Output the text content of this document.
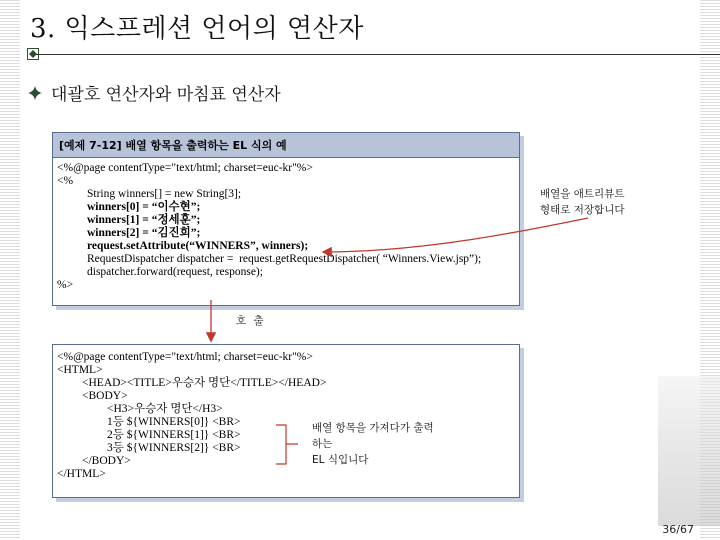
3. 익스프레션 언어의 연산자
대괄호 연산자와 마침표 연산자
[예제 7-12] 배열 항목을 출력하는 EL 식의 예
<%@page contentType="text/html; charset=euc-kr"%>
<%
String winners[] = new String[3];
winners[0] = “이수현”;
winners[1] = “정세훈”;
winners[2] = “김진희”;
request.setAttribute(“WINNERS”, winners);
RequestDispatcher dispatcher =  request.getRequestDispatcher( “Winners.View.jsp”);
dispatcher.forward(request, response);
%>
배열을 애트리뷰트
형태로 저장합니다
<%@page contentType="text/html; charset=euc-kr"%>
<HTML>
<HEAD><TITLE>우승자 명단</TITLE></HEAD>
<BODY>
<H3>우승자 명단</H3>
1등 ${WINNERS[0]} <BR>
2등 ${WINNERS[1]} <BR>
3등 ${WINNERS[2]} <BR>
</BODY>
</HTML>
배열 항목을 가져다가 출력
하는
EL 식입니다
호 출
36/67
